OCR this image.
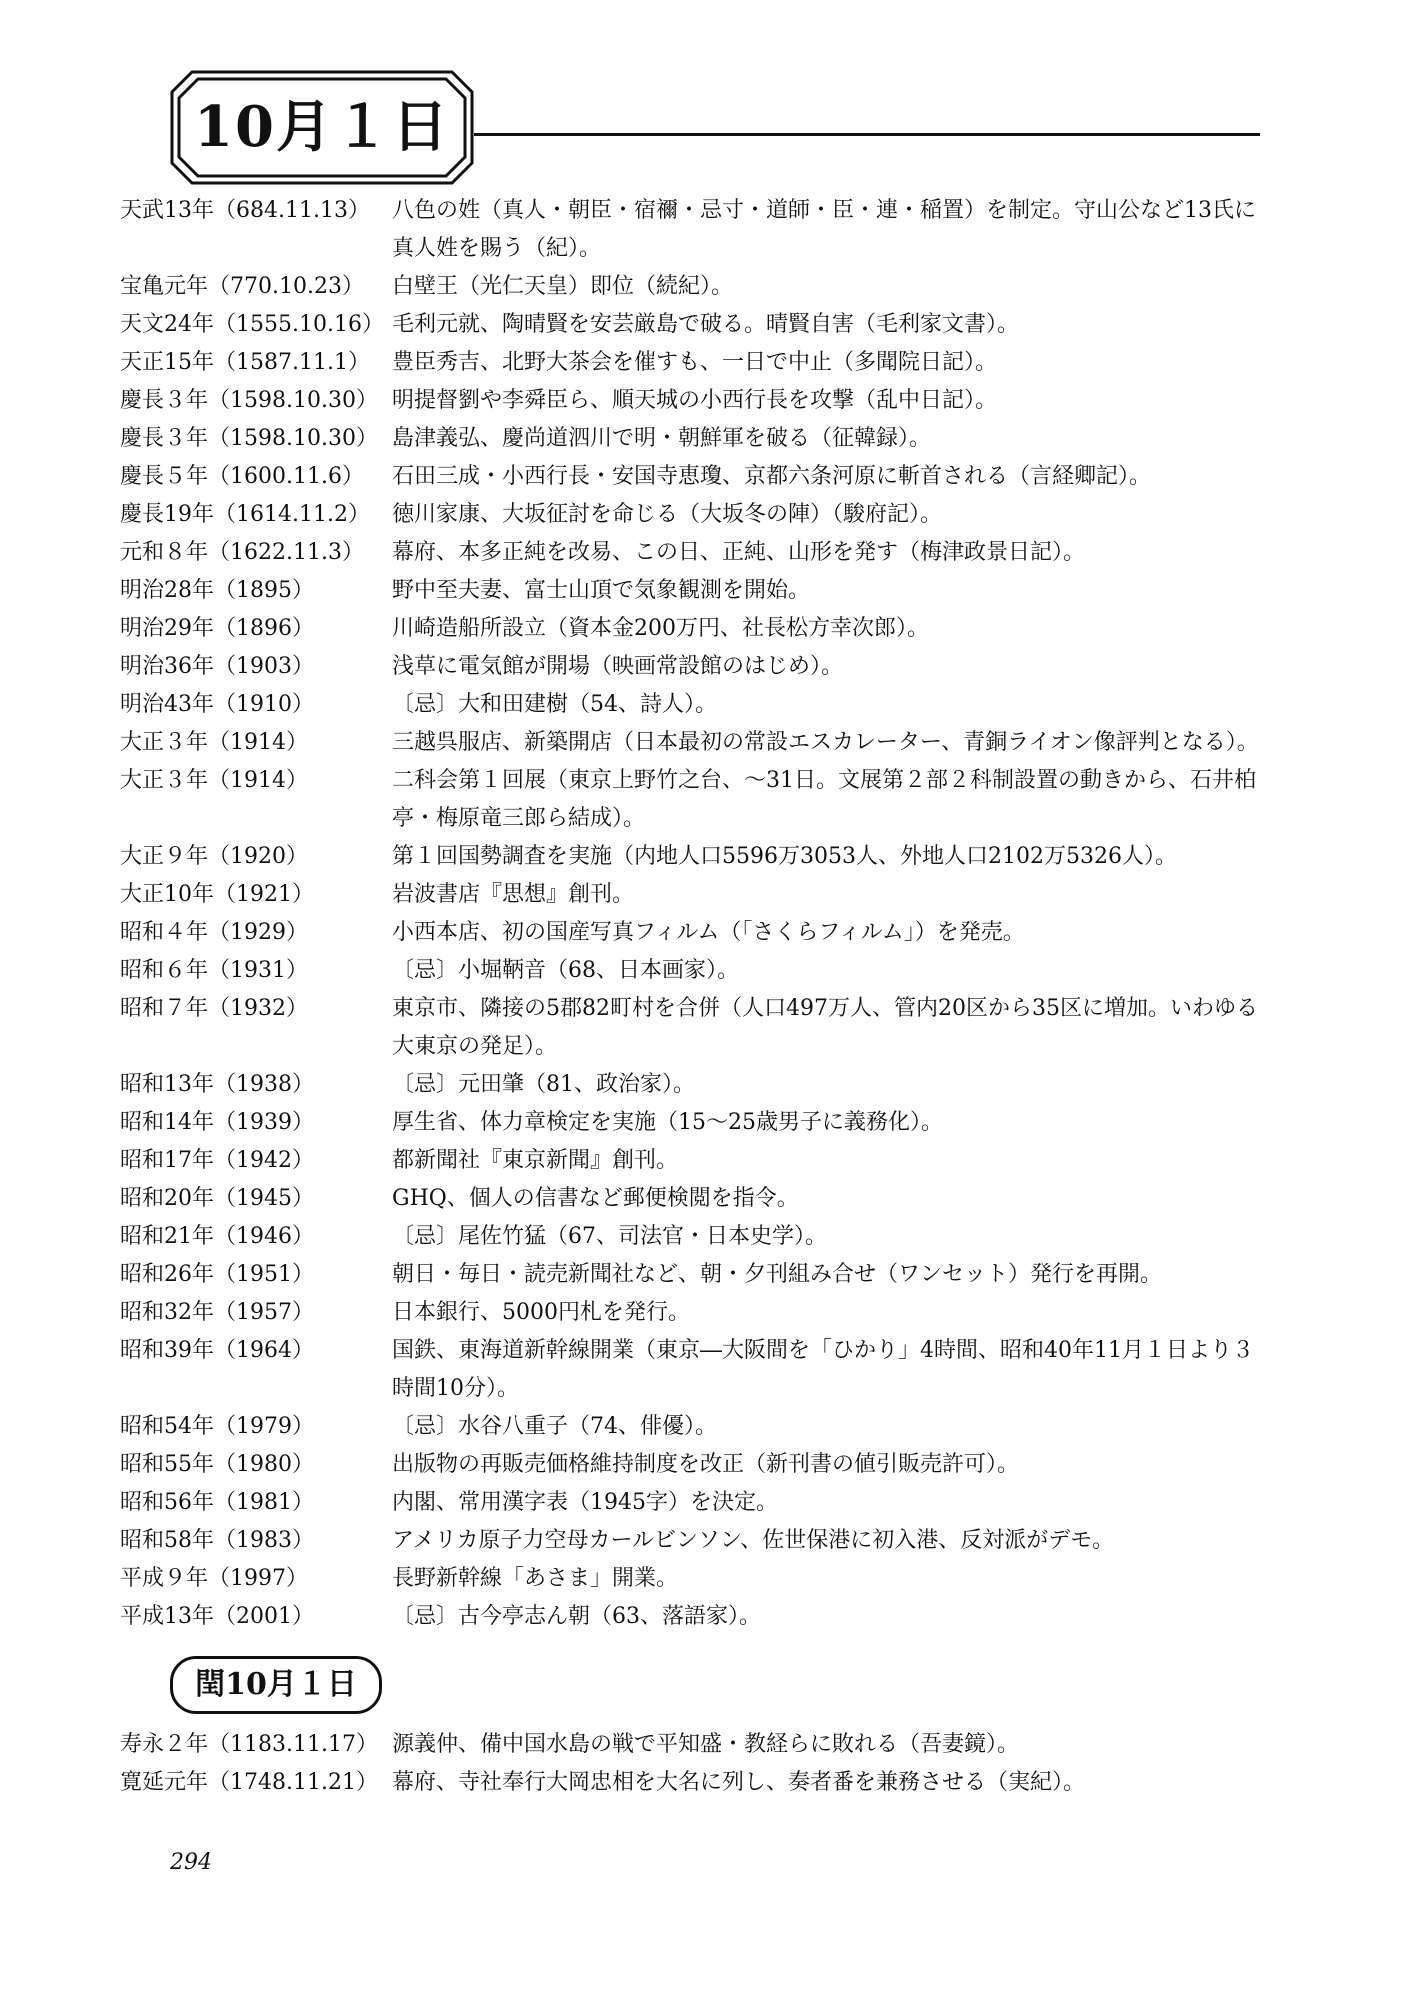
10月１日
天武13年（684.11.13）	八色の姓（真人・朝臣・宿禰・忌寸・道師・臣・連・稲置）を制定。守山公など13氏に真人姓を賜う（紀）。
宝亀元年（770.10.23）	白壁王（光仁天皇）即位（続紀）。
天文24年（1555.10.16） 毛利元就、陶晴賢を安芸厳島で破る。晴賢自害（毛利家文書）。
天正15年（1587.11.1）	豊臣秀吉、北野大茶会を催すも、一日で中止（多聞院日記）。
慶長３年（1598.10.30） 明提督劉や李舜臣ら、順天城の小西行長を攻撃（乱中日記）。
慶長３年（1598.10.30） 島津義弘、慶尚道泗川で明・朝鮮軍を破る（征韓録）。
慶長５年（1600.11.6）	石田三成・小西行長・安国寺恵瓊、京都六条河原に斬首される（言経卿記）。
慶長19年（1614.11.2）	徳川家康、大坂征討を命じる（大坂冬の陣）（駿府記）。
元和８年（1622.11.3）	幕府、本多正純を改易、この日、正純、山形を発す（梅津政景日記）。
明治28年（1895）	野中至夫妻、富士山頂で気象観測を開始。
明治29年（1896）	川崎造船所設立（資本金200万円、社長松方幸次郎）。
明治36年（1903）	浅草に電気館が開場（映画常設館のはじめ）。
明治43年（1910）	〔忌〕大和田建樹（54、詩人）。
大正３年（1914）	三越呉服店、新築開店（日本最初の常設エスカレーター、青銅ライオン像評判となる）。
大正３年（1914）	二科会第１回展（東京上野竹之台、～31日。文展第２部２科制設置の動きから、石井柏亭・梅原竜三郎ら結成）。
大正９年（1920）	第１回国勢調査を実施（内地人口5596万3053人、外地人口2102万5326人）。
大正10年（1921）	岩波書店『思想』創刊。
昭和４年（1929）	小西本店、初の国産写真フィルム（「さくらフィルム」）を発売。
昭和６年（1931）	〔忌〕小堀鞆音（68、日本画家）。
昭和７年（1932）	東京市、隣接の5郡82町村を合併（人口497万人、管内20区から35区に増加。いわゆる大東京の発足）。
昭和13年（1938）	〔忌〕元田肇（81、政治家）。
昭和14年（1939）	厚生省、体力章検定を実施（15～25歳男子に義務化）。
昭和17年（1942）	都新聞社『東京新聞』創刊。
昭和20年（1945）	GHQ、個人の信書など郵便検閲を指令。
昭和21年（1946）	〔忌〕尾佐竹猛（67、司法官・日本史学）。
昭和26年（1951）	朝日・毎日・読売新聞社など、朝・夕刊組み合せ（ワンセット）発行を再開。
昭和32年（1957）	日本銀行、5000円札を発行。
昭和39年（1964）	国鉄、東海道新幹線開業（東京―大阪間を「ひかり」4時間、昭和40年11月１日より３時間10分）。
昭和54年（1979）	〔忌〕水谷八重子（74、俳優）。
昭和55年（1980）	出版物の再販売価格維持制度を改正（新刊書の値引販売許可）。
昭和56年（1981）	内閣、常用漢字表（1945字）を決定。
昭和58年（1983）	アメリカ原子力空母カールビンソン、佐世保港に初入港、反対派がデモ。
平成９年（1997）	長野新幹線「あさま」開業。
平成13年（2001）	〔忌〕古今亭志ん朝（63、落語家）。
閏10月１日
寿永２年（1183.11.17） 源義仲、備中国水島の戦で平知盛・教経らに敗れる（吾妻鏡）。
寛延元年（1748.11.21） 幕府、寺社奉行大岡忠相を大名に列し、奏者番を兼務させる（実紀）。
294
